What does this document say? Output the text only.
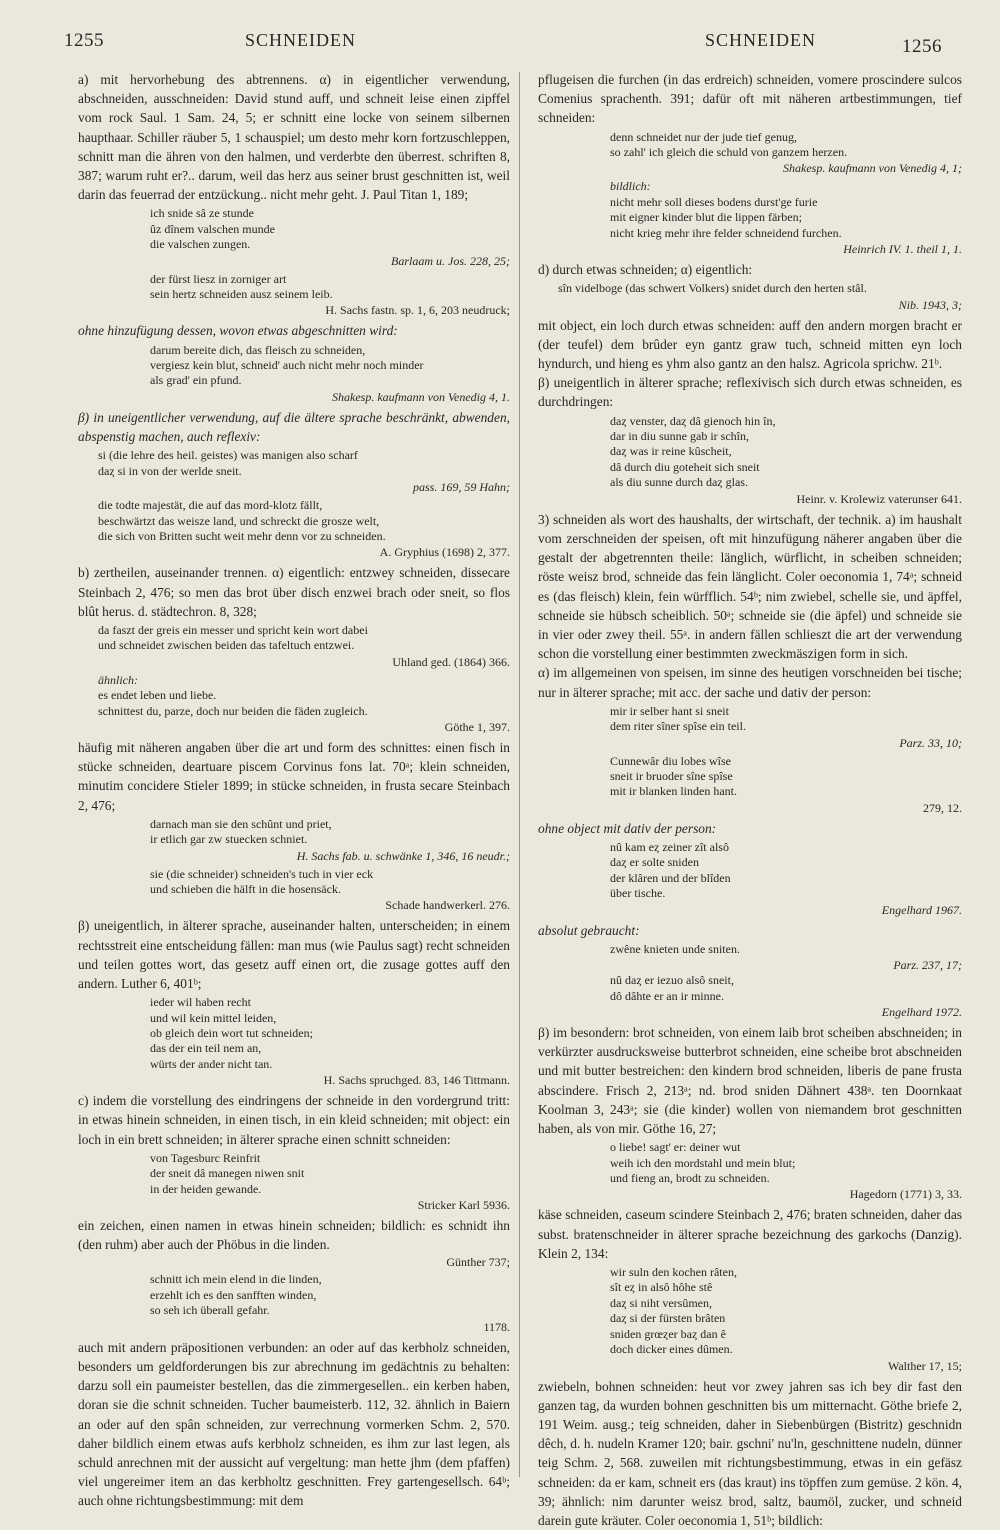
1255	SCHNEIDEN	SCHNEIDEN	1256

a) mit hervorhebung des abtrennens. α) in eigentlicher verwendung, abschneiden, ausschneiden: David stund auff, und schneit leise einen zipffel vom rock Saul. 1 Sam. 24, 5; er schnitt eine locke von seinem silbernen haupthaar. Schiller räuber 5, 1 schauspiel; um desto mehr korn fortzuschleppen, schnitt man die ähren von den halmen, und verderbte den überrest. schriften 8, 387; warum ruht er?.. darum, weil das herz aus seiner brust geschnitten ist, weil darin das feuerrad der entzückung.. nicht mehr geht. J. Paul Titan 1, 189;

ich snide sâ ze stunde
ûz dînem valschen munde
die valschen zungen.
Barlaam u. Jos. 228, 25;
der fürst liesz in zorniger art
sein hertz schneiden ausz seinem leib.
H. Sachs fastn. sp. 1, 6, 203 neudruck;

ohne hinzufügung dessen, wovon etwas abgeschnitten wird:

darum bereite dich, das fleisch zu schneiden,
vergiesz kein blut, schneid' auch nicht mehr noch minder
als grad' ein pfund.
Shakesp. kaufmann von Venedig 4, 1.

β) in uneigentlicher verwendung, auf die ältere sprache beschränkt, abwenden, abspenstig machen, auch reflexiv:

si (die lehre des heil. geistes) was manigen also scharf
daȥ si in von der werlde sneit.
pass. 169, 59 Hahn;
die todte majestät, die auf das mord-klotz fällt,
beschwärtzt das weisze land, und schreckt die grosze welt,
die sich von Britten sucht weit mehr denn vor zu schneiden.
A. Gryphius (1698) 2, 377.

b) zertheilen, auseinander trennen. α) eigentlich: entzwey schneiden, dissecare Steinbach 2, 476; so men das brot über disch enzwei brach oder sneit, so flos blût herus. d. städtechron. 8, 328;

da faszt der greis ein messer und spricht kein wort dabei
und schneidet zwischen beiden das tafeltuch entzwei.
Uhland ged. (1864) 366.
ähnlich:
es endet leben und liebe.
schnittest du, parze, doch nur beiden die fäden zugleich.
Göthe 1, 397.

häufig mit näheren angaben über die art und form des schnittes: einen fisch in stücke schneiden, deartuare piscem Corvinus fons lat. 70ᵃ; klein schneiden, minutim concidere Stieler 1899; in stücke schneiden, in frusta secare Steinbach 2, 476;

darnach man sie den schûnt und priet,
ir etlich gar zw stuecken schniet.
H. Sachs fab. u. schwänke 1, 346, 16 neudr.;
sie (die schneider) schneiden's tuch in vier eck
und schieben die hälft in die hosensäck.
Schade handwerkerl. 276.

β) uneigentlich, in älterer sprache, auseinander halten, unterscheiden; in einem rechtsstreit eine entscheidung fällen: man mus (wie Paulus sagt) recht schneiden und teilen gottes wort, das gesetz auff einen ort, die zusage gottes auff den andern. Luther 6, 401ᵇ;

ieder wil haben recht
und wil kein mittel leiden,
ob gleich dein wort tut schneiden;
das der ein teil nem an,
würts der ander nicht tan.
H. Sachs spruchged. 83, 146 Tittmann.

c) indem die vorstellung des eindringens der schneide in den vordergrund tritt: in etwas hinein schneiden, in einen tisch, in ein kleid schneiden; mit object: ein loch in ein brett schneiden; in älterer sprache einen schnitt schneiden:

von Tagesburc Reinfrit
der sneit dâ manegen niwen snit
in der heiden gewande.
Stricker Karl 5936.

ein zeichen, einen namen in etwas hinein schneiden; bildlich: es schnidt ihn (den ruhm) aber auch der Phöbus in die linden.

Günther 737;
schnitt ich mein elend in die linden,
erzehlt ich es den sanfften winden,
so seh ich überall gefahr.
1178.

auch mit andern präpositionen verbunden: an oder auf das kerbholz schneiden, besonders um geldforderungen bis zur abrechnung im gedächtnis zu behalten: darzu soll ein paumeister bestellen, das die zimmergesellen.. ein kerben haben, doran sie die schnit schneiden. Tucher baumeisterb. 112, 32. ähnlich in Baiern an oder auf den spân schneiden, zur verrechnung vormerken Schm. 2, 570. daher bildlich einem etwas aufs kerbholz schneiden, es ihm zur last legen, als schuld anrechnen mit der aussicht auf vergeltung: man hette jhm (dem pfaffen) viel ungereimer item an das kerbholtz geschnitten. Frey gartengesellsch. 64ᵇ; auch ohne richtungsbestimmung: mit dem

pflugeisen die furchen (in das erdreich) schneiden, vomere proscindere sulcos Comenius sprachenth. 391; dafür oft mit näheren artbestimmungen, tief schneiden:

denn schneidet nur der jude tief genug,
so zahl' ich gleich die schuld von ganzem herzen.
Shakesp. kaufmann von Venedig 4, 1;
bildlich:
nicht mehr soll dieses bodens durst'ge furie
mit eigner kinder blut die lippen färben;
nicht krieg mehr ihre felder schneidend furchen.
Heinrich IV. 1. theil 1, 1.

d) durch etwas schneiden; α) eigentlich:

sîn videlboge (das schwert Volkers) snidet durch den herten stâl.
Nib. 1943, 3;

mit object, ein loch durch etwas schneiden: auff den andern morgen bracht er (der teufel) dem brûder eyn gantz graw tuch, schneid mitten eyn loch hyndurch, und hieng es yhm also gantz an den halsz. Agricola sprichw. 21ᵇ.

β) uneigentlich in älterer sprache; reflexivisch sich durch etwas schneiden, es durchdringen:

daȥ venster, daȥ dâ gienoch hin în,
dar in diu sunne gab ir schîn,
daȥ was ir reine kûscheit,
dâ durch diu goteheit sich sneit
als diu sunne durch daȥ glas.
Heinr. v. Krolewiz vaterunser 641.

3) schneiden als wort des haushalts, der wirtschaft, der technik. a) im haushalt vom zerschneiden der speisen, oft mit hinzufügung näherer angaben über die gestalt der abgetrennten theile: länglich, würflicht, in scheiben schneiden; röste weisz brod, schneide das fein länglicht. Coler oeconomia 1, 74ᵃ; schneid es (das fleisch) klein, fein würfflich. 54ᵇ; nim zwiebel, schelle sie, und äpffel, schneide sie hübsch scheiblich. 50ᵃ; schneide sie (die äpfel) und schneide sie in vier oder zwey theil. 55ᵃ. in andern fällen schlieszt die art der verwendung schon die vorstellung einer bestimmten zweckmäszigen form in sich.

α) im allgemeinen von speisen, im sinne des heutigen vorschneiden bei tische; nur in älterer sprache; mit acc. der sache und dativ der person:

mir ir selber hant si sneit
dem riter sîner spîse ein teil.
Parz. 33, 10;
Cunnewâr diu lobes wîse
sneit ir bruoder sîne spîse
mit ir blanken linden hant.
279, 12.

ohne object mit dativ der person:

nû kam eȥ zeiner zît alsô
daȥ er solte sniden
der klâren und der blîden
über tische.
Engelhard 1967.

absolut gebraucht:

zwêne knieten unde sniten.
Parz. 237, 17;
nû daȥ er iezuo alsô sneit,
dô dâhte er an ir minne.
Engelhard 1972.

β) im besondern: brot schneiden, von einem laib brot scheiben abschneiden; in verkürzter ausdrucksweise butterbrot schneiden, eine scheibe brot abschneiden und mit butter bestreichen: den kindern brod schneiden, liberis de pane frusta abscindere. Frisch 2, 213ᵃ; nd. brod sniden Dähnert 438ᵃ. ten Doornkaat Koolman 3, 243ᵃ; sie (die kinder) wollen von niemandem brot geschnitten haben, als von mir. Göthe 16, 27;

o liebe! sagt' er: deiner wut
weih ich den mordstahl und mein blut;
und fieng an, brodt zu schneiden.
Hagedorn (1771) 3, 33.

käse schneiden, caseum scindere Steinbach 2, 476; braten schneiden, daher das subst. bratenschneider in älterer sprache bezeichnung des garkochs (Danzig). Klein 2, 134:

wir suln den kochen râten,
sît eȥ in alsô hôhe stê
daȥ si niht versûmen,
daȥ si der fürsten brâten
sniden grœȥer baȥ dan ê
doch dicker eines dûmen.
Walther 17, 15;

zwiebeln, bohnen schneiden: heut vor zwey jahren sas ich bey dir fast den ganzen tag, da wurden bohnen geschnitten bis um mitternacht. Göthe briefe 2, 191 Weim. ausg.; teig schneiden, daher in Siebenbürgen (Bistritz) geschnidn dêch, d. h. nudeln Kramer 120; bair. gschni' nu'ln, geschnittene nudeln, dünner teig Schm. 2, 568. zuweilen mit richtungsbestimmung, etwas in ein gefäsz schneiden: da er kam, schneit ers (das kraut) ins töpffen zum gemüse. 2 kön. 4, 39; ähnlich: nim darunter weisz brod, saltz, baumöl, zucker, und schneid darein gute kräuter. Coler oeconomia 1, 51ᵇ; bildlich:
